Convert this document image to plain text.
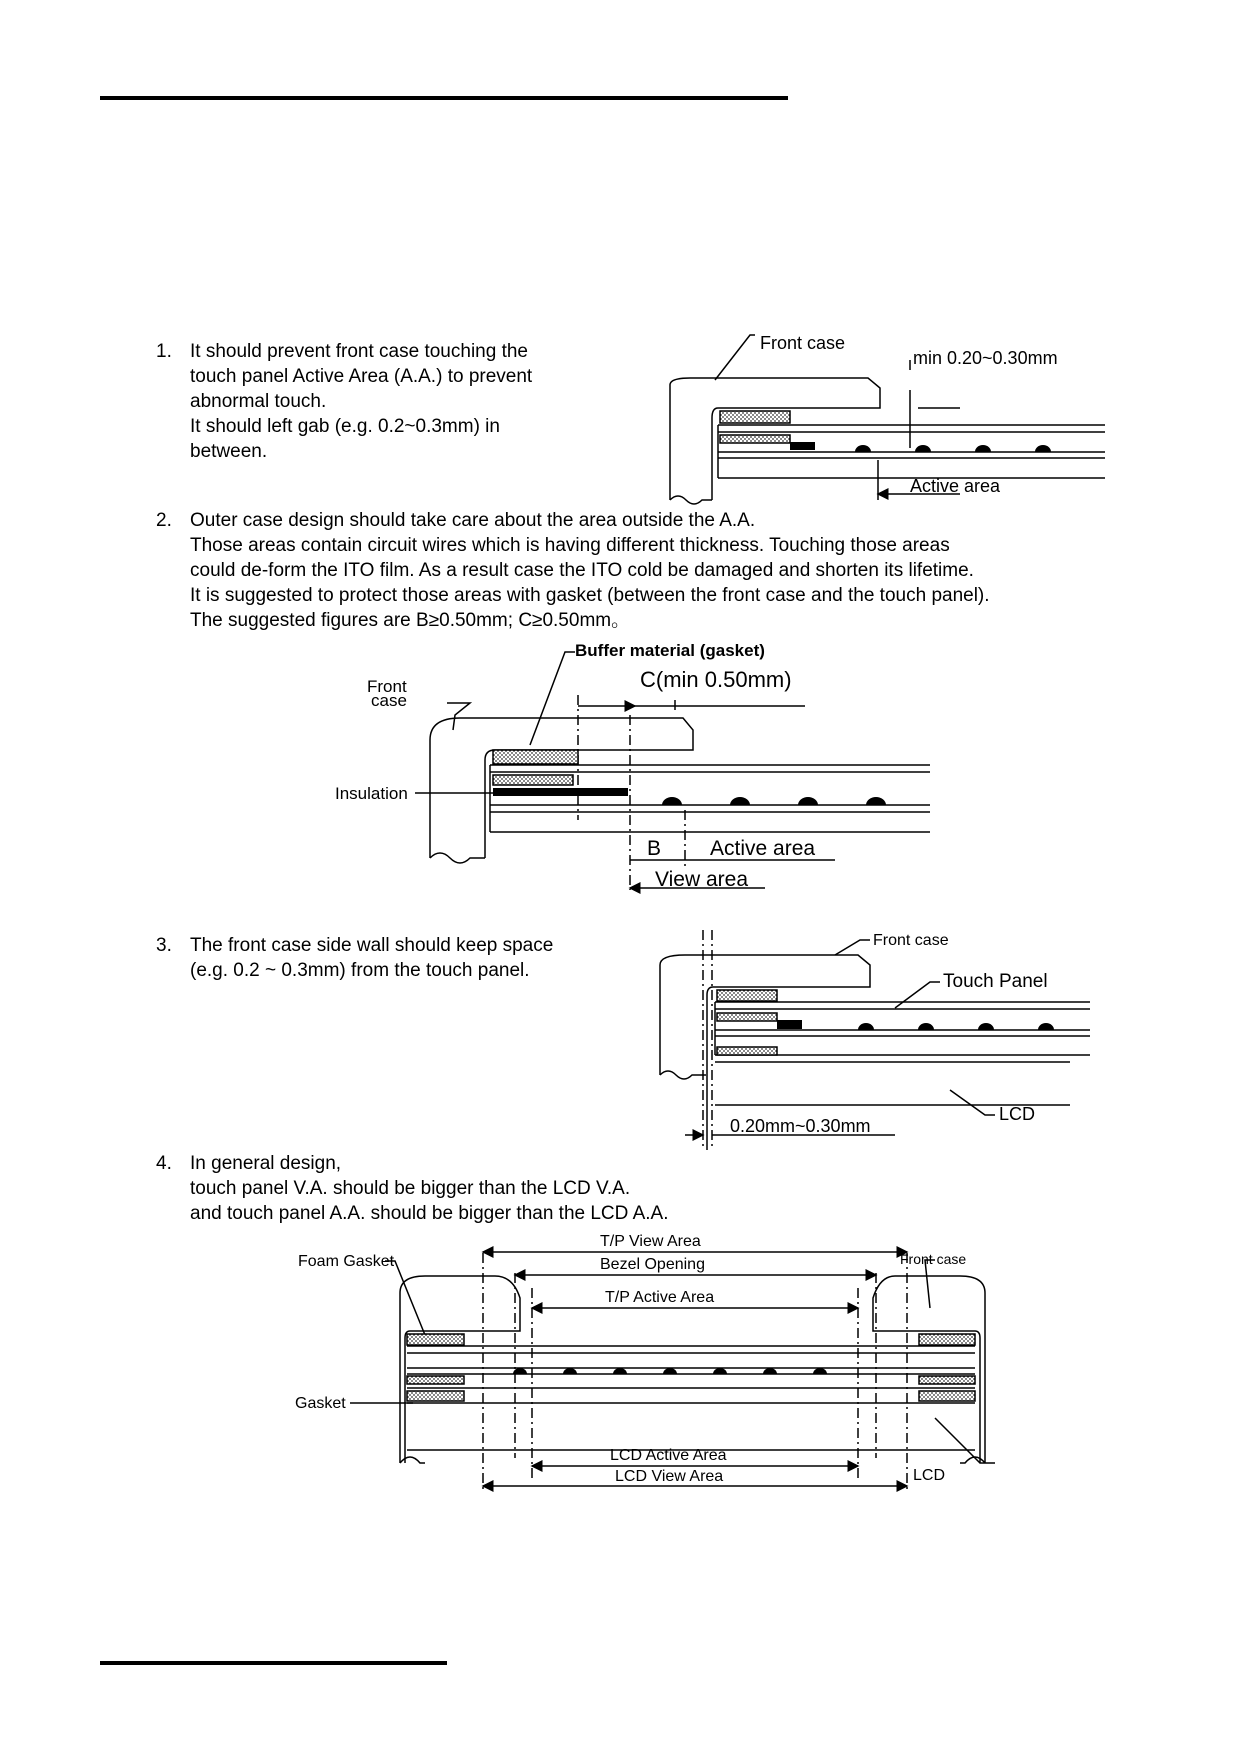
1. It should prevent front case touching the
touch panel Active Area (A.A.) to prevent
abnormal touch.
It should left gab (e.g. 0.2~0.3mm) in
between.
Front case
min 0.20~0.30mm
Active area
2. Outer case design should take care about the area outside the A.A.
Those areas contain circuit wires which is having different thickness. Touching those areas
could de-form the ITO film. As a result case the ITO cold be damaged and shorten its lifetime.
It is suggested to protect those areas with gasket (between the front case and the touch panel).
The suggested figures are B≥0.50mm; C≥0.50mm。
Buffer material (gasket)
C(min 0.50mm)
Front
case
Insulation
B Active area
View area
3. The front case side wall should keep space
(e.g. 0.2 ~ 0.3mm) from the touch panel.
Front case
Touch Panel
0.20mm~0.30mm
LCD
4. In general design,
touch panel V.A. should be bigger than the LCD V.A.
and touch panel A.A. should be bigger than the LCD A.A.
T/P View Area
Bezel Opening
T/P Active Area
Foam Gasket	Front case
Gasket
LCD Active Area
LCD View Area	LCD
